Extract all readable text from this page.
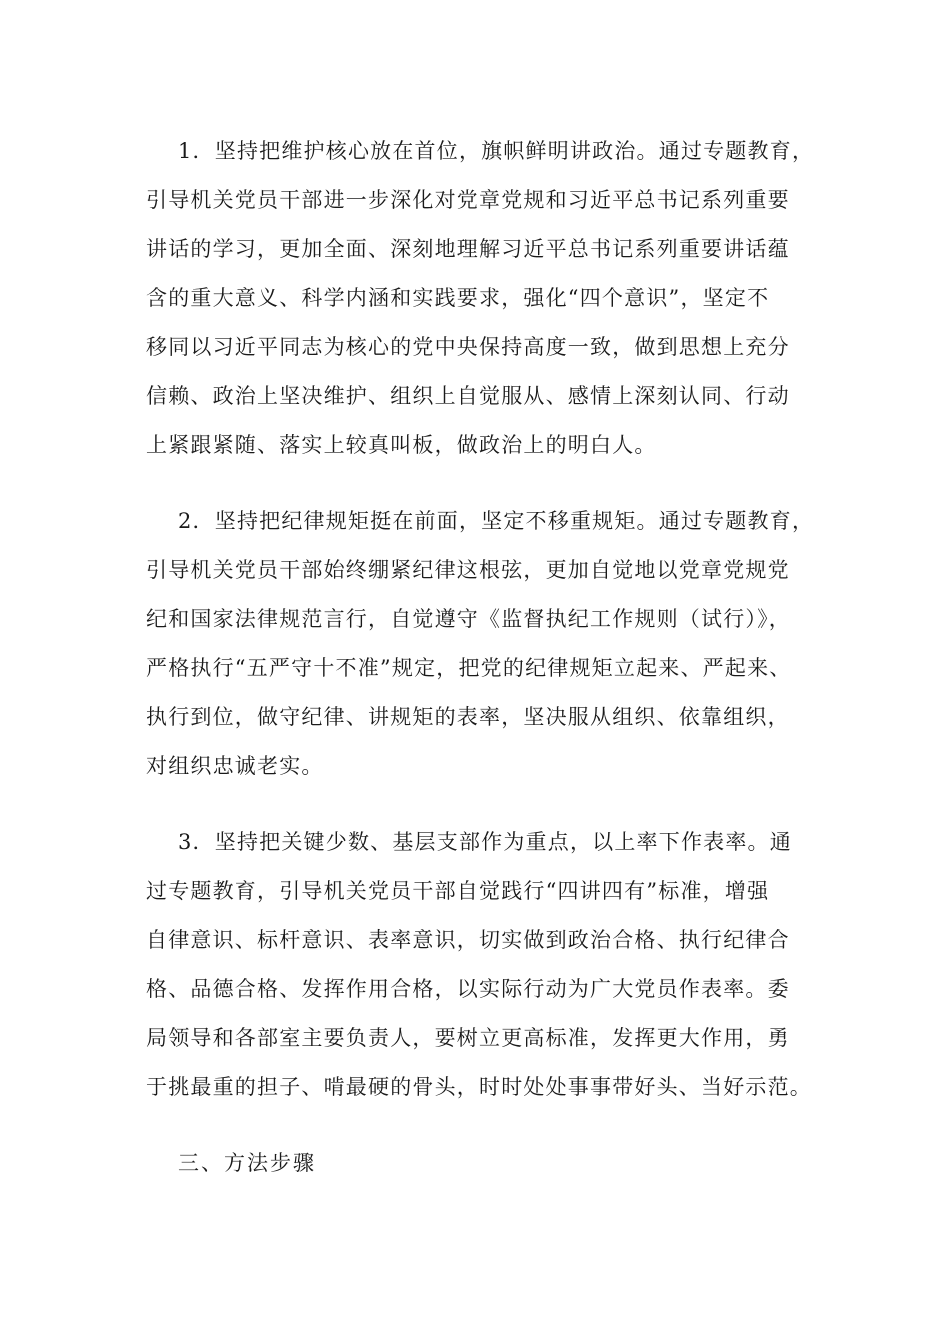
1．坚持把维护核心放在首位，旗帜鲜明讲政治。通过专题教育，
引导机关党员干部进一步深化对党章党规和习近平总书记系列重要
讲话的学习，更加全面、深刻地理解习近平总书记系列重要讲话蕴
含的重大意义、科学内涵和实践要求，强化“四个意识”，坚定不
移同以习近平同志为核心的党中央保持高度一致，做到思想上充分
信赖、政治上坚决维护、组织上自觉服从、感情上深刻认同、行动
上紧跟紧随、落实上较真叫板，做政治上的明白人。
2．坚持把纪律规矩挺在前面，坚定不移重规矩。通过专题教育，
引导机关党员干部始终绷紧纪律这根弦，更加自觉地以党章党规党
纪和国家法律规范言行，自觉遵守《监督执纪工作规则（试行）》，
严格执行“五严守十不准”规定，把党的纪律规矩立起来、严起来、
执行到位，做守纪律、讲规矩的表率，坚决服从组织、依靠组织，
对组织忠诚老实。
3．坚持把关键少数、基层支部作为重点，以上率下作表率。通
过专题教育，引导机关党员干部自觉践行“四讲四有”标准，增强
自律意识、标杆意识、表率意识，切实做到政治合格、执行纪律合
格、品德合格、发挥作用合格，以实际行动为广大党员作表率。委
局领导和各部室主要负责人，要树立更高标准，发挥更大作用，勇
于挑最重的担子、啃最硬的骨头，时时处处事事带好头、当好示范。
三、方法步骤
